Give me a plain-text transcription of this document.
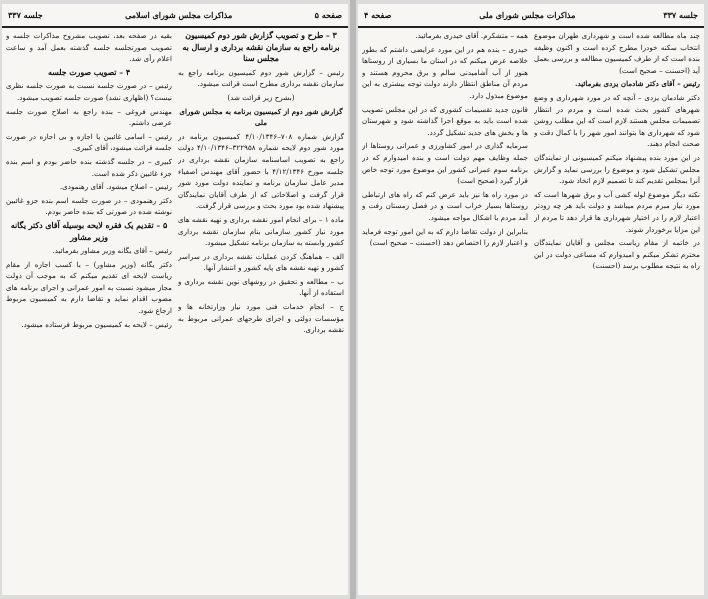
صفحه ۵
مذاکرات مجلس شورای اسلامی
جلسه ۳۳۷

۳ – طرح و تصویب گزارش شور دوم کمیسیون برنامه راجع به سازمان نقشه برداری و ارسال به مجلس سنا

رئیس – گزارش شور دوم کمیسیون برنامه راجع به سازمان نقشه برداری مطرح است قرائت میشود.

(بشرح زیر قرائت شد)

گزارش شور دوم از کمیسیون برنامه به مجلس شورای ملی

گزارش شماره ۷۰۸–۴/۱۰/۱۳۴۶ کمیسیون برنامه در مورد شور دوم لایحه شماره ۳۲۲۹۵۸–۴/۱۰/۱۳۴۶ دولت راجع به تصویب اساسنامه سازمان نقشه برداری در جلسه مورخ ۴/۱۲/۱۳۴۶ با حضور آقای مهندس اصفیاء مدیر عامل سازمان برنامه و نماینده دولت مورد شور قرار گرفت و اصلاحاتی که از طرف آقایان نمایندگان پیشنهاد شده بود مورد بحث و بررسی قرار گرفت.

ماده ۱ – برای انجام امور نقشه برداری و تهیه نقشه های مورد نیاز کشور سازمانی بنام سازمان نقشه برداری کشور وابسته به سازمان برنامه تشکیل میشود.

الف – هماهنگ کردن عملیات نقشه برداری در سراسر کشور و تهیه نقشه های پایه کشور و انتشار آنها.

ب – مطالعه و تحقیق در روشهای نوین نقشه برداری و استفاده از آنها.

ج – انجام خدمات فنی مورد نیاز وزارتخانه ها و مؤسسات دولتی و اجرای طرحهای عمرانی مربوط به نقشه برداری.

بقیه در صفحه بعد، تصویب مشروح مذاکرات جلسه و تصویب صورتجلسه جلسه گذشته بعمل آمد و ساعت اعلام رأی شد.

۴ – تصویب صورت جلسه

رئیس – در صورت جلسه نسبت به صورت جلسه نظری نیست؟ (اظهاری نشد) صورت جلسه تصویب میشود.

مهندس فروغی – بنده راجع به اصلاح صورت جلسه عرضی داشتم.

رئیس – اسامی غائبین با اجازه و بی اجازه در صورت جلسه قرائت میشود، آقای کبیری.

کبیری – در جلسه گذشته بنده حاضر بودم و اسم بنده جزء غائبین ذکر شده است.

رئیس – اصلاح میشود. آقای رهنمودی.

دکتر رهنمودی – در صورت جلسه اسم بنده جزو غائبین نوشته شده در صورتی که بنده حاضر بودم.

۵ – تقدیم یک فقره لایحه بوسیله آقای دکتر یگانه وزیر مشاور

رئیس – آقای یگانه وزیر مشاور بفرمائید.

دکتر یگانه (وزیر مشاور) – با کسب اجازه از مقام ریاست لایحه ای تقدیم میکنم که به موجب آن دولت مجاز میشود نسبت به امور عمرانی و اجرای برنامه های مصوب اقدام نماید و تقاضا دارم به کمیسیون مربوط ارجاع شود.

رئیس – لایحه به کمیسیون مربوط فرستاده میشود.

جلسه ۳۳۷
مذاکرات مجلس شورای ملی
صفحه ۴

چند ماه مطالعه شده است و شهرداری طهران موضوع انتخاب سکنه خودرا مطرح کرده است و اکنون وظیفه بنده است که از طرف کمیسیون مطالعه و بررسی بعمل آید (احسنت – صحیح است)

رئیس – آقای دکتر شادمان یزدی بفرمائید.

دکتر شادمان یزدی – آنچه که در مورد شهرداری و وضع شهرهای کشور بحث شده است و مردم در انتظار تصمیمات مجلس هستند لازم است که این مطلب روشن شود که شهرداری ها بتوانند امور شهر را با کمال دقت و صحت انجام دهند.

در این مورد بنده پیشنهاد میکنم کمیسیونی از نمایندگان مجلس تشکیل شود و موضوع را بررسی نماید و گزارش آنرا بمجلس تقدیم کند تا تصمیم لازم اتخاذ شود.

نکته دیگر موضوع لوله کشی آب و برق شهرها است که مورد نیاز مبرم مردم میباشد و دولت باید هر چه زودتر اعتبار لازم را در اختیار شهرداری ها قرار دهد تا مردم از این مزایا برخوردار شوند.

در خاتمه از مقام ریاست مجلس و آقایان نمایندگان محترم تشکر میکنم و امیدوارم که مساعی دولت در این راه به نتیجه مطلوب برسد (احسنت)

همه – متشکرم. آقای حیدری بفرمائید.

حیدری – بنده هم در این مورد عرایضی داشتم که بطور خلاصه عرض میکنم که در استان ما بسیاری از روستاها هنوز از آب آشامیدنی سالم و برق محروم هستند و مردم آن مناطق انتظار دارند دولت توجه بیشتری به این موضوع مبذول دارد.

قانون جدید تقسیمات کشوری که در این مجلس تصویب شده است باید به موقع اجرا گذاشته شود و شهرستان ها و بخش های جدید تشکیل گردد.

سرمایه گذاری در امور کشاورزی و عمرانی روستاها از جمله وظایف مهم دولت است و بنده امیدوارم که در برنامه سوم عمرانی کشور این موضوع مورد توجه خاص قرار گیرد (صحیح است)

در مورد راه ها نیز باید عرض کنم که راه های ارتباطی روستاها بسیار خراب است و در فصل زمستان رفت و آمد مردم با اشکال مواجه میشود.

بنابراین از دولت تقاضا دارم که به این امور توجه فرماید و اعتبار لازم را اختصاص دهد (احسنت – صحیح است)
